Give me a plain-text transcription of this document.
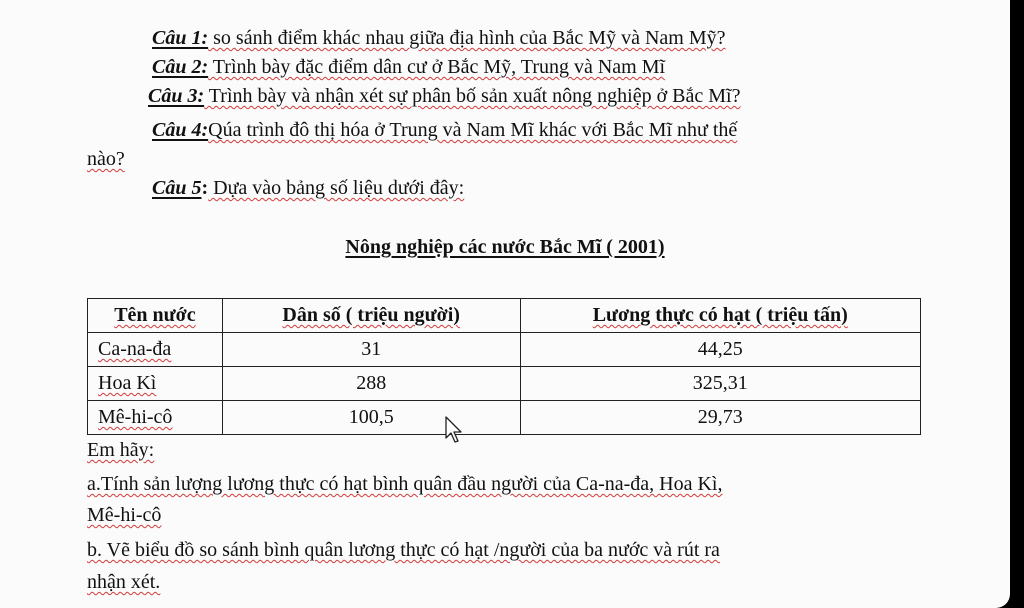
Câu 1: so sánh điểm khác nhau giữa địa hình của Bắc Mỹ và Nam Mỹ?
Câu 2: Trình bày đặc điểm dân cư ở Bắc Mỹ, Trung và Nam Mĩ
Câu 3: Trình bày và nhận xét sự phân bố sản xuất nông nghiệp ở Bắc Mĩ?
Câu 4:Qúa trình đô thị hóa ở Trung và Nam Mĩ khác với Bắc Mĩ như thế
nào?
Câu 5: Dựa vào bảng số liệu dưới đây:
Nông nghiệp các nước Bắc Mĩ ( 2001)
Tên nước	Dân số ( triệu người)	Lương thực có hạt ( triệu tấn)
Ca-na-đa	31	44,25
Hoa Kì	288	325,31
Mê-hi-cô	100,5	29,73
Em hãy:
a.Tính sản lượng lương thực có hạt bình quân đầu người của Ca-na-đa, Hoa Kì,
Mê-hi-cô
b. Vẽ biểu đồ so sánh bình quân lương thực có hạt /người của ba nước và rút ra
nhận xét.
